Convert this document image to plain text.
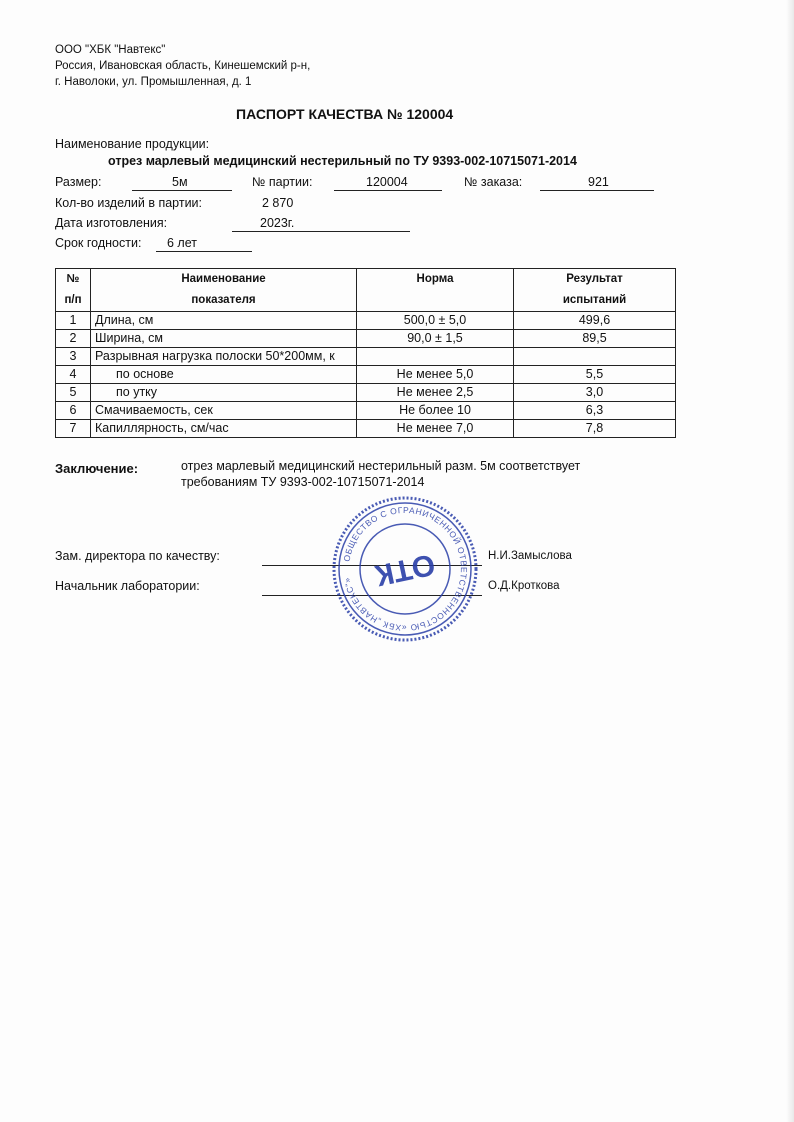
ООО "ХБК "Навтекс"
Россия, Ивановская область, Кинешемский р-н,
г. Наволоки, ул. Промышленная, д. 1
ПАСПОРТ КАЧЕСТВА № 120004
Наименование продукции:
отрез марлевый медицинский нестерильный по ТУ 9393-002-10715071-2014
Размер:	5м	№ партии:	120004	№ заказа:	921
Кол-во изделий в партии:	2 870
Дата изготовления:	2023г.
Срок годности: 6 лет
№	Наименование	Норма	Результат
п/п	показателя		испытаний
1	Длина, см	500,0 ± 5,0	499,6
2	Ширина, см	90,0 ± 1,5	89,5
3	Разрывная нагрузка полоски 50*200мм, к		
4	по основе	Не менее 5,0	5,5
5	по утку	Не менее 2,5	3,0
6	Смачиваемость, сек	Не более 10	6,3
7	Капиллярность, см/час	Не менее 7,0	7,8
Заключение:	отрез марлевый медицинский нестерильный разм. 5м соответствует
требованиям ТУ 9393-002-10715071-2014
Зам. директора по качеству:	Н.И.Замыслова
Начальник лаборатории:	О.Д.Кроткова
ОБЩЕСТВО С ОГРАНИЧЕННОЙ ОТВЕТСТВЕННОСТЬЮ «ХБК „НАВТЕКС“» ОТК
